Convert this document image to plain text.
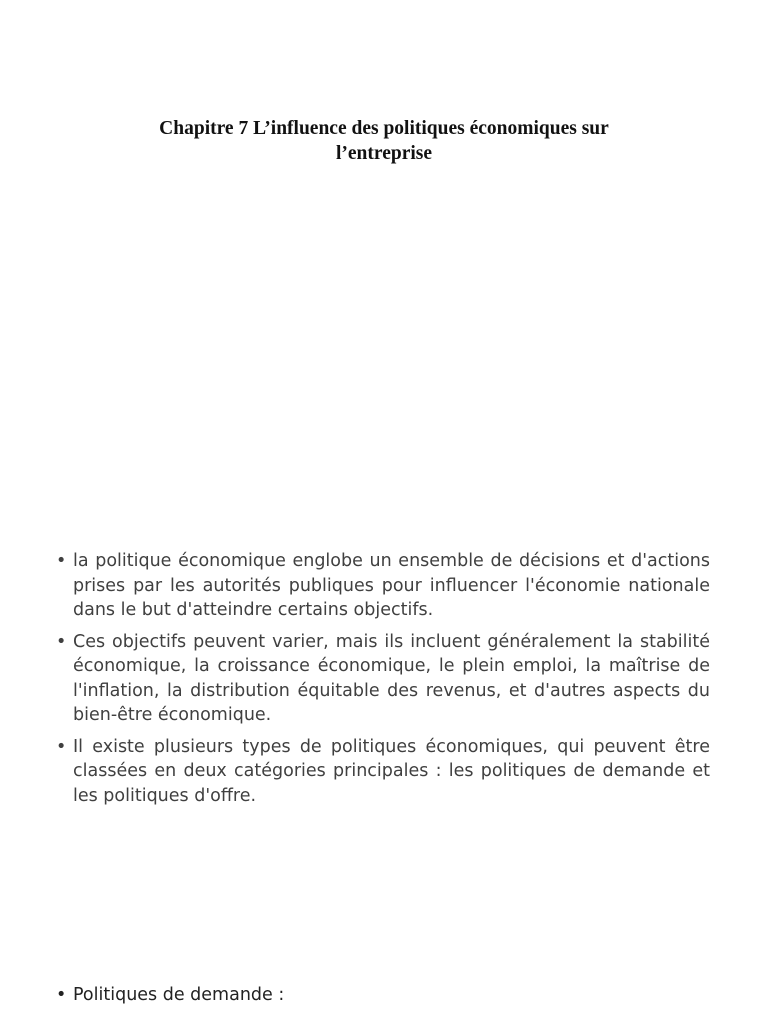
Chapitre 7 L’influence des politiques économiques sur
l’entreprise
• la politique économique englobe un ensemble de décisions et d'actions prises par les autorités publiques pour influencer l'économie nationale dans le but d'atteindre certains objectifs.
• Ces objectifs peuvent varier, mais ils incluent généralement la stabilité économique, la croissance économique, le plein emploi, la maîtrise de l'inflation, la distribution équitable des revenus, et d'autres aspects du bien-être économique.
• Il existe plusieurs types de politiques économiques, qui peuvent être classées en deux catégories principales : les politiques de demande et les politiques d'offre.
• Politiques de demande :
